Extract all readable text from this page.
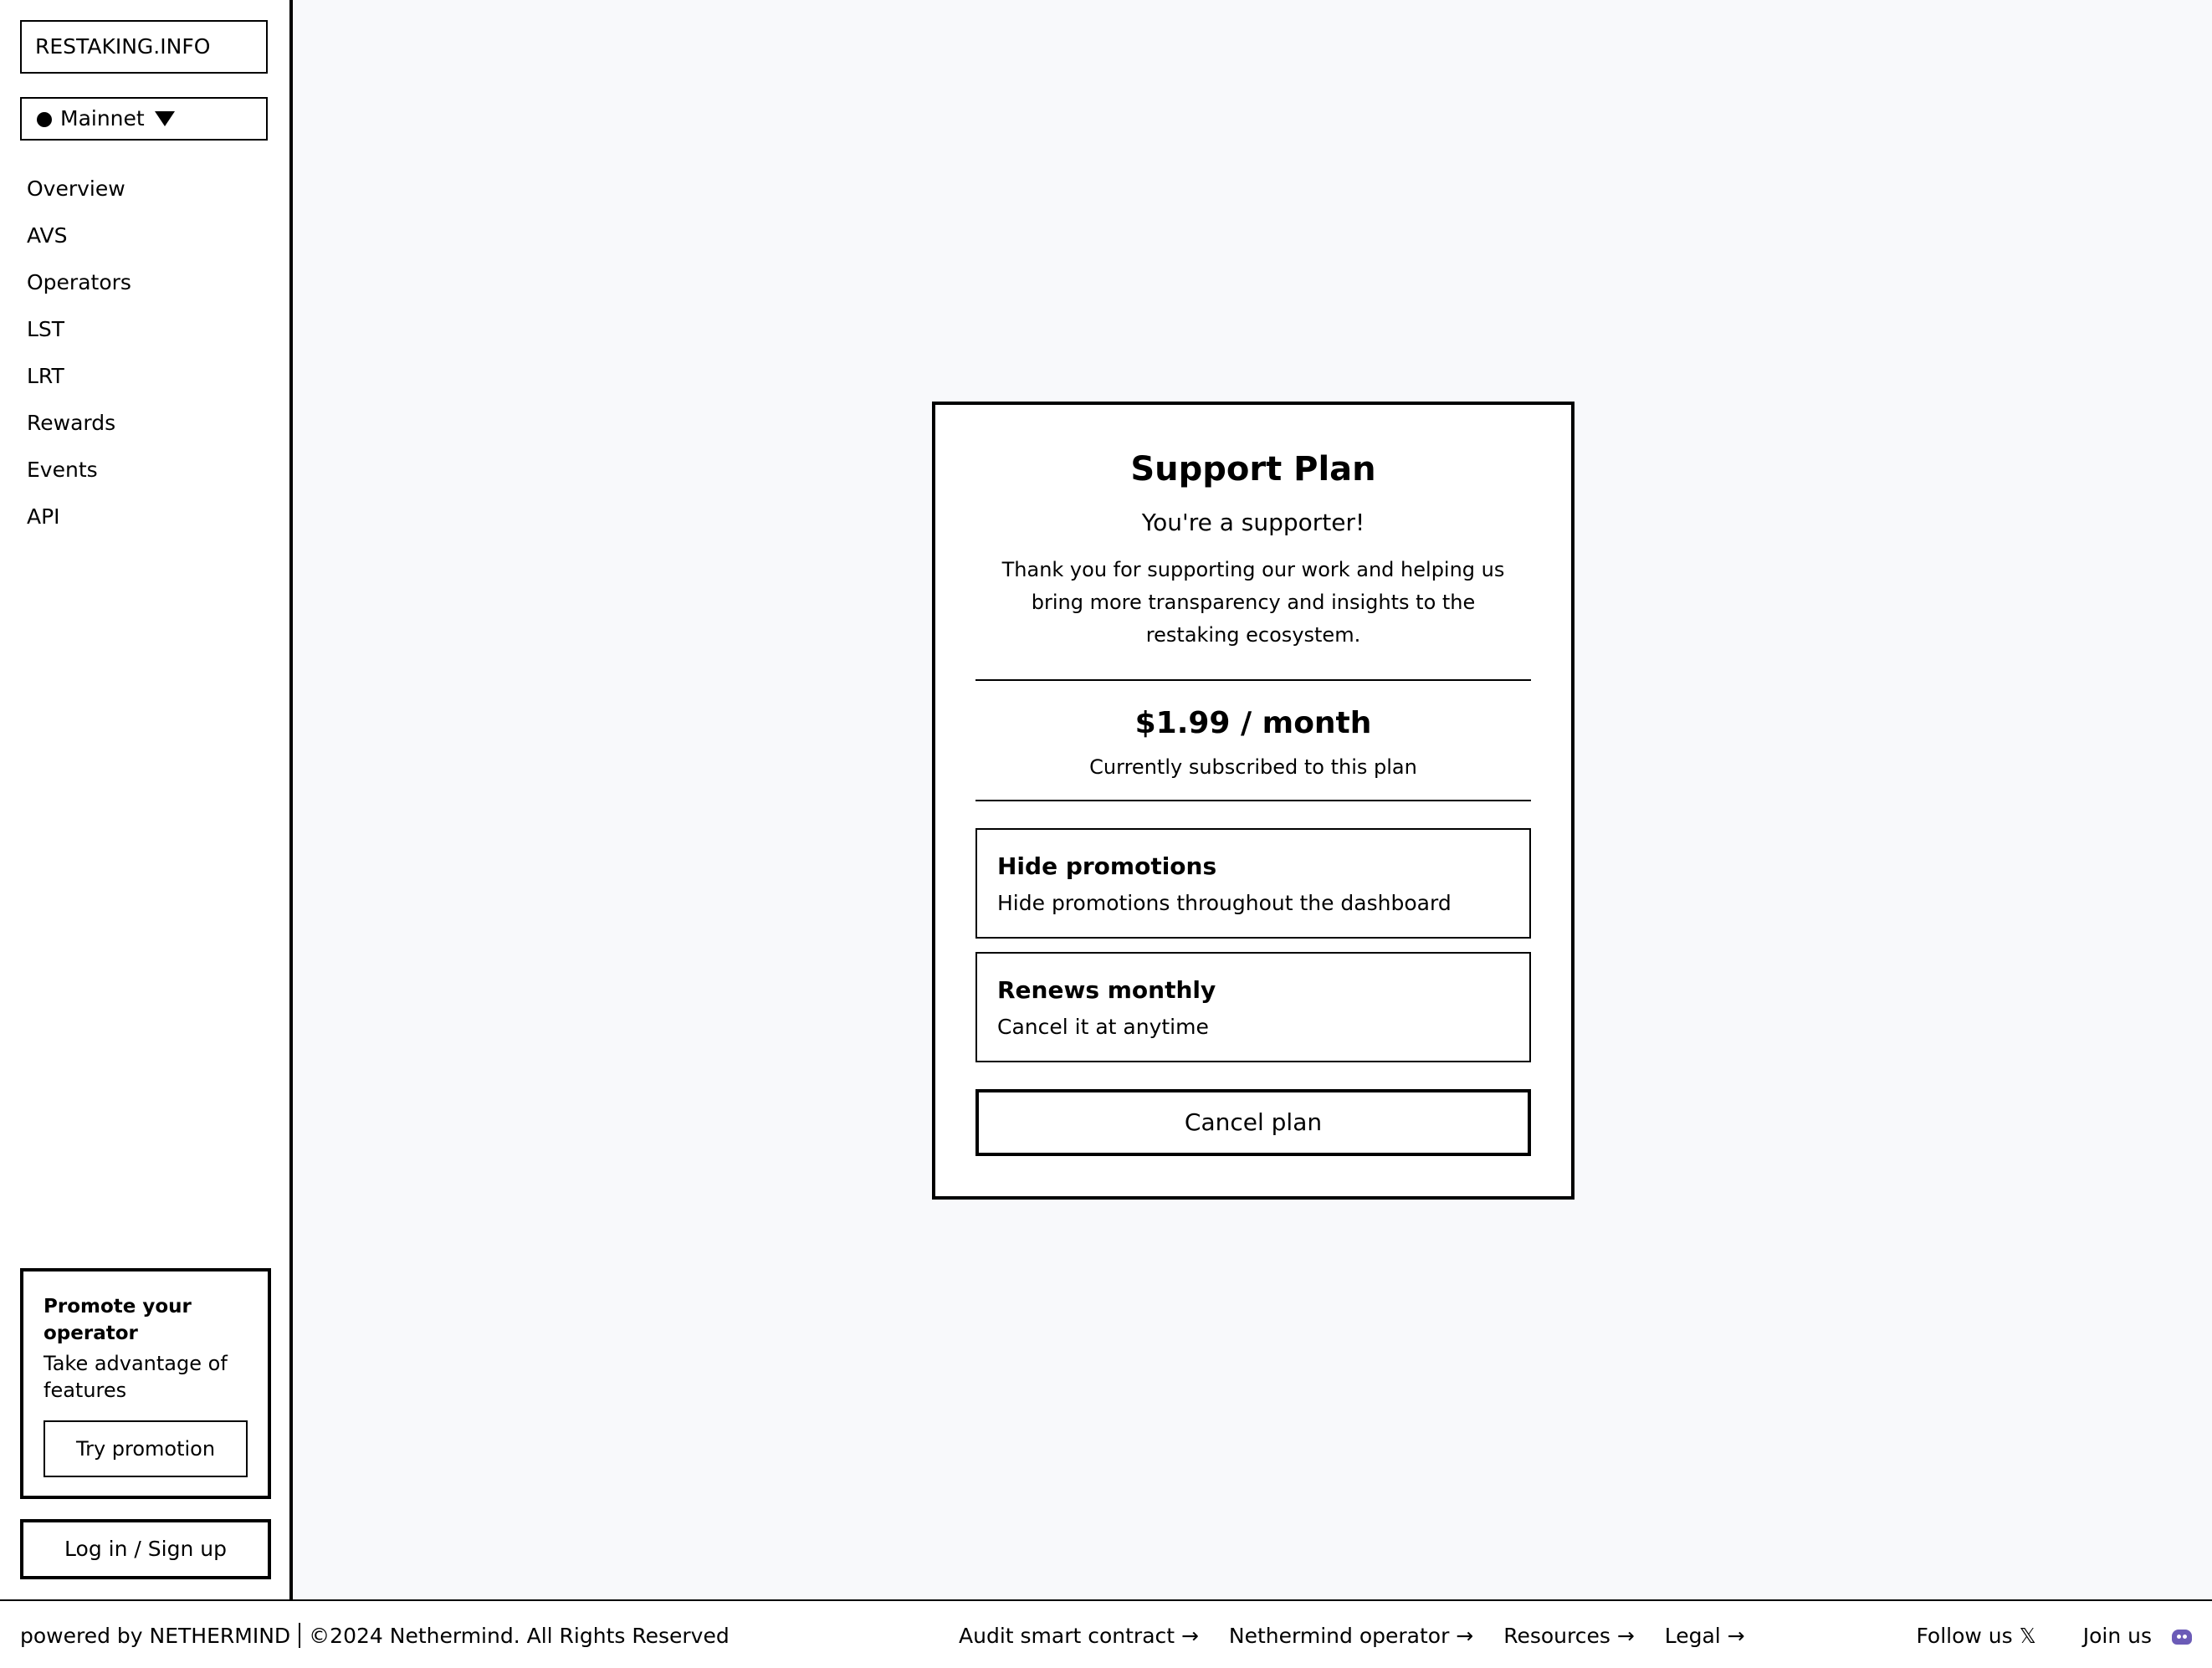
RESTAKING.INFO
Mainnet
Overview
AVS
Operators
LST
LRT
Rewards
Events
API

Promote your operator

Take advantage of features

Try promotion
Log in / Sign up
Support Plan

You're a supporter!

Thank you for supporting our work and helping us bring more transparency and insights to the restaking ecosystem.

$1.99 / month

Currently subscribed to this plan

Hide promotions

Hide promotions throughout the dashboard

Renews monthly

Cancel it at anytime

Cancel plan
powered by NETHERMIND ©2024 Nethermind. All Rights Reserved	Audit smart contract → Nethermind operator → Resources → Legal →	Follow us 𝕏 Join us
